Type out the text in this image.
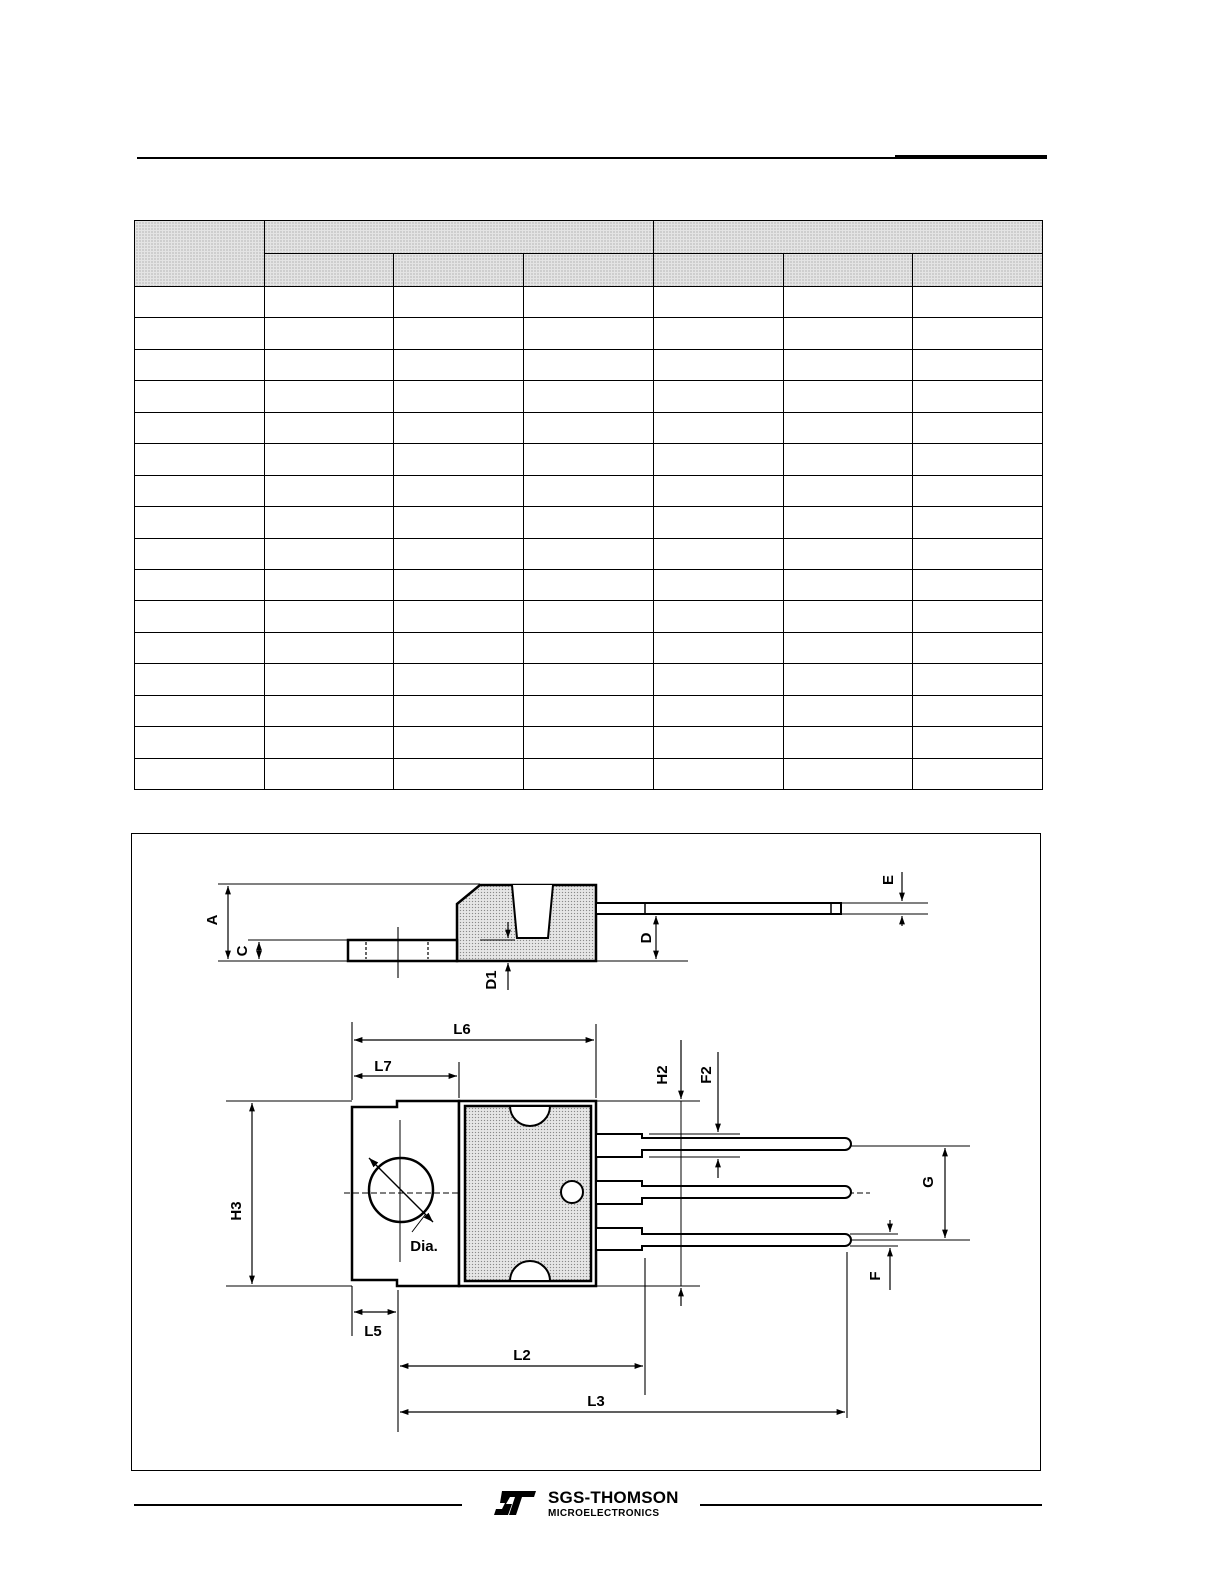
A
C
D
D1
E
L6
L7	H2 F2
H3
G
F
L5
L2
L3
Dia.
SGS-THOMSON
MICROELECTRONICS
